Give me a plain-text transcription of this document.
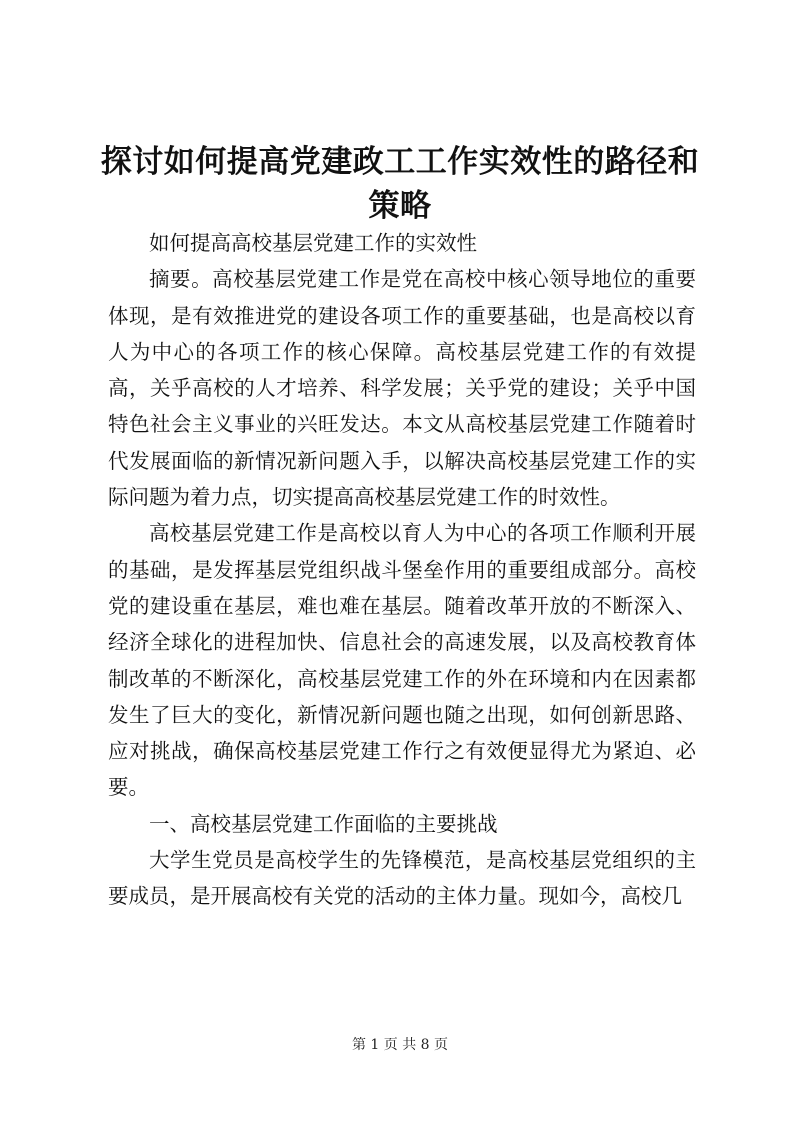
探讨如何提高党建政工工作实效性的路径和策略

如何提高高校基层党建工作的实效性

摘要。高校基层党建工作是党在高校中核心领导地位的重要体现，是有效推进党的建设各项工作的重要基础，也是高校以育人为中心的各项工作的核心保障。高校基层党建工作的有效提高，关乎高校的人才培养、科学发展；关乎党的建设；关乎中国特色社会主义事业的兴旺发达。本文从高校基层党建工作随着时代发展面临的新情况新问题入手，以解决高校基层党建工作的实际问题为着力点，切实提高高校基层党建工作的时效性。

高校基层党建工作是高校以育人为中心的各项工作顺利开展的基础，是发挥基层党组织战斗堡垒作用的重要组成部分。高校党的建设重在基层，难也难在基层。随着改革开放的不断深入、经济全球化的进程加快、信息社会的高速发展，以及高校教育体制改革的不断深化，高校基层党建工作的外在环境和内在因素都发生了巨大的变化，新情况新问题也随之出现，如何创新思路、应对挑战，确保高校基层党建工作行之有效便显得尤为紧迫、必要。

一、高校基层党建工作面临的主要挑战

大学生党员是高校学生的先锋模范，是高校基层党组织的主要成员，是开展高校有关党的活动的主体力量。现如今，高校几

第 1 页 共 8 页
